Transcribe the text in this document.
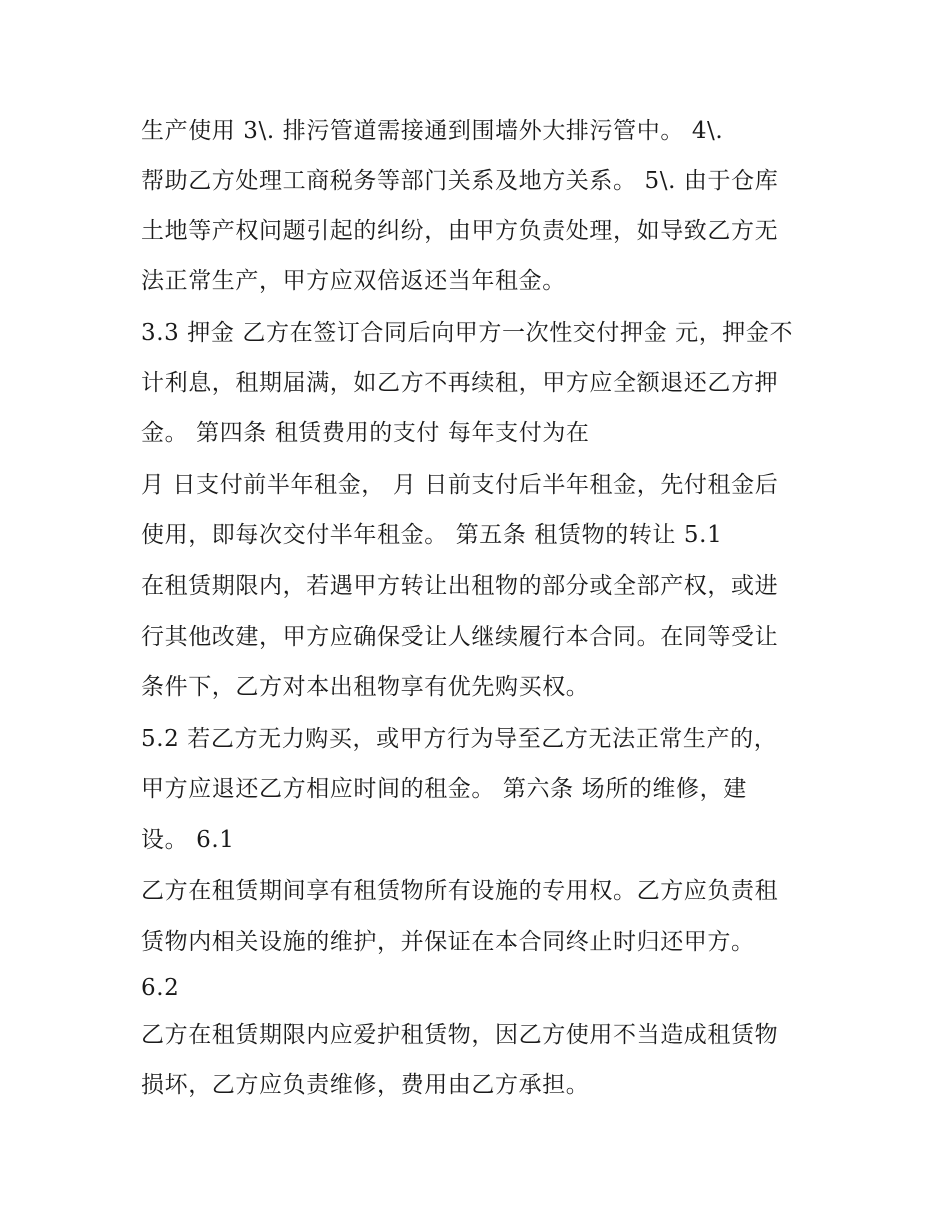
生产使用 3\. 排污管道需接通到围墙外大排污管中。 4\.
帮助乙方处理工商税务等部门关系及地方关系。 5\. 由于仓库
土地等产权问题引起的纠纷，由甲方负责处理，如导致乙方无
法正常生产，甲方应双倍返还当年租金。
3.3 押金 乙方在签订合同后向甲方一次性交付押金 元，押金不
计利息，租期届满，如乙方不再续租，甲方应全额退还乙方押
金。 第四条 租赁费用的支付 每年支付为在
月 日支付前半年租金， 月 日前支付后半年租金，先付租金后
使用，即每次交付半年租金。 第五条 租赁物的转让 5.1
在租赁期限内，若遇甲方转让出租物的部分或全部产权，或进
行其他改建，甲方应确保受让人继续履行本合同。在同等受让
条件下，乙方对本出租物享有优先购买权。
5.2 若乙方无力购买，或甲方行为导至乙方无法正常生产的，
甲方应退还乙方相应时间的租金。 第六条 场所的维修，建
设。 6.1
乙方在租赁期间享有租赁物所有设施的专用权。乙方应负责租
赁物内相关设施的维护，并保证在本合同终止时归还甲方。
6.2
乙方在租赁期限内应爱护租赁物，因乙方使用不当造成租赁物
损坏，乙方应负责维修，费用由乙方承担。
